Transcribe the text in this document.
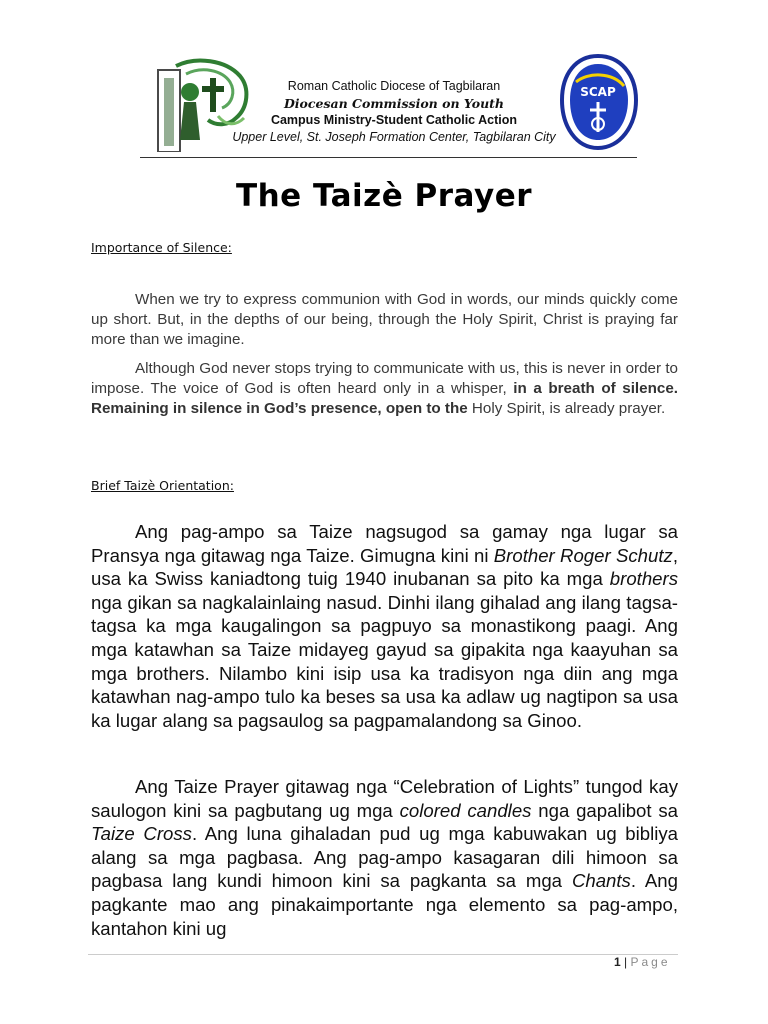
Roman Catholic Diocese of Tagbilaran
Diocesan Commission on Youth
Campus Ministry-Student Catholic Action
Upper Level, St. Joseph Formation Center, Tagbilaran City
SCAP
The Taizè Prayer
Importance of Silence:
When we try to express communion with God in words, our minds quickly come up short. But, in the depths of our being, through the Holy Spirit, Christ is praying far more than we imagine.
Although God never stops trying to communicate with us, this is never in order to impose. The voice of God is often heard only in a whisper, in a breath of silence. Remaining in silence in God’s presence, open to the Holy Spirit, is already prayer.
Brief Taizè Orientation:
Ang pag-ampo sa Taize nagsugod sa gamay nga lugar sa Pransya nga gitawag nga Taize. Gimugna kini ni Brother Roger Schutz, usa ka Swiss kaniadtong tuig 1940 inubanan sa pito ka mga brothers nga gikan sa nagkalainlaing nasud. Dinhi ilang gihalad ang ilang tagsa-tagsa ka mga kaugalingon sa pagpuyo sa monastikong paagi. Ang mga katawhan sa Taize midayeg gayud sa gipakita nga kaayuhan sa mga brothers. Nilambo kini isip usa ka tradisyon nga diin ang mga katawhan nag-ampo tulo ka beses sa usa ka adlaw ug nagtipon sa usa ka lugar alang sa pagsaulog sa pagpamalandong sa Ginoo.
Ang Taize Prayer gitawag nga “Celebration of Lights” tungod kay saulogon kini sa pagbutang ug mga colored candles nga gapalibot sa Taize Cross. Ang luna gihaladan pud ug mga kabuwakan ug bibliya alang sa mga pagbasa. Ang pag-ampo kasagaran dili himoon sa pagbasa lang kundi himoon kini sa pagkanta sa mga Chants. Ang pagkante mao ang pinakaimportante nga elemento sa pag-ampo, kantahon kini ug
1 | Page
